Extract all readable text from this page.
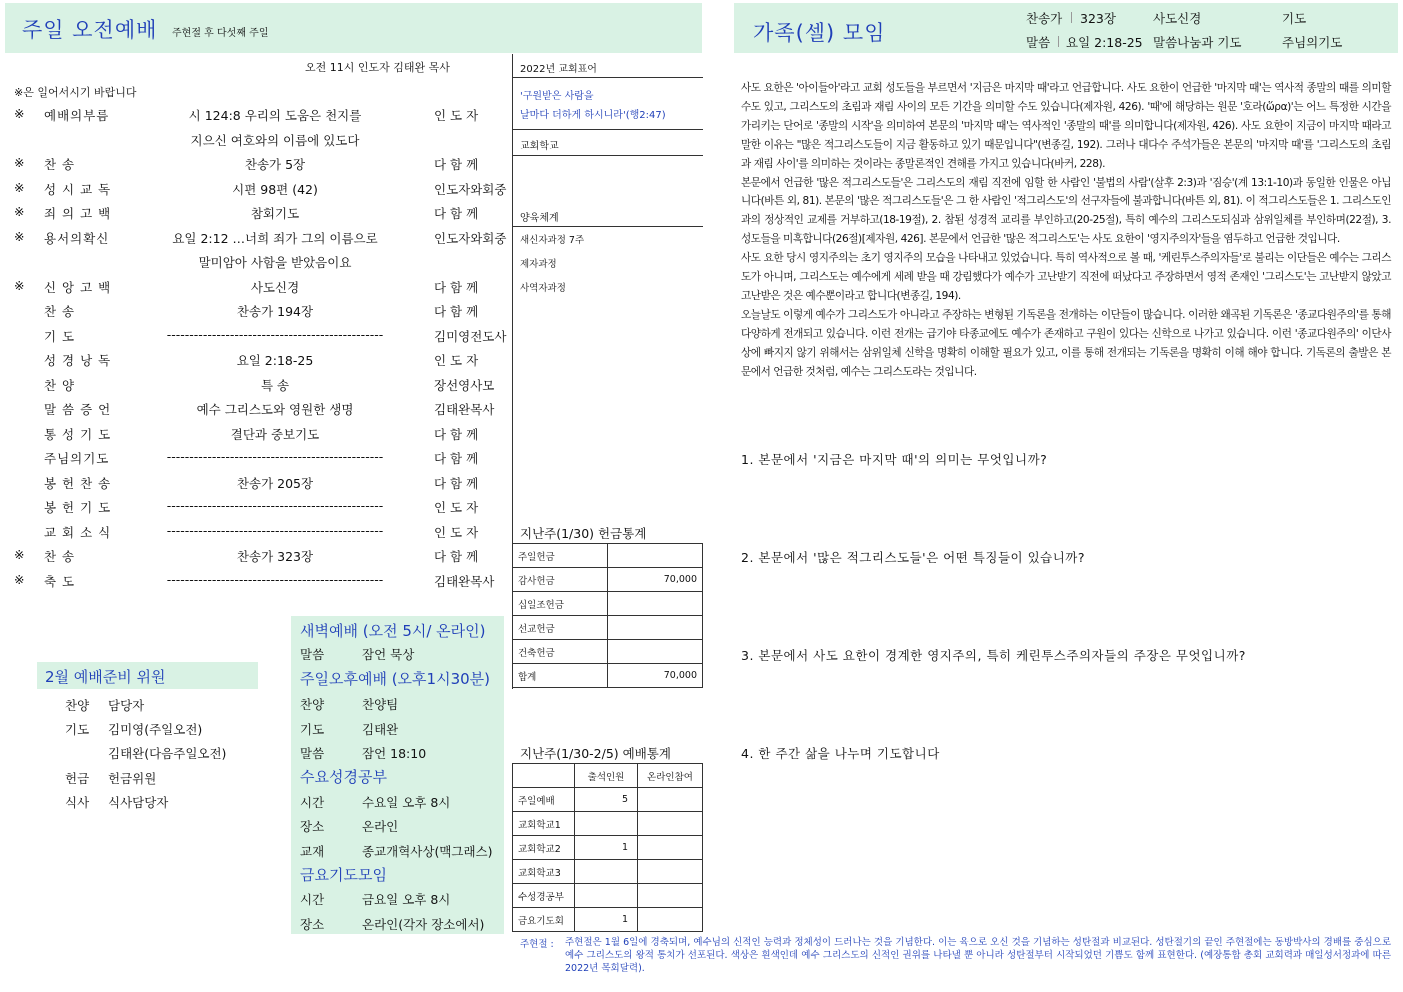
주일 오전예배 주현절 후 다섯째 주일	가족(셀) 모임
찬송가 323장	사도신경	기도
말씀 요일 2:18-25 말씀나눔과 기도	주님의기도
오전 11시 인도자 김태완 목사
※은 일어서시기 바랍니다
※ 예배의부름	시 124:8 우리의 도움은 천지를	인 도 자
지으신 여호와의 이름에 있도다
※ 찬 송	찬송가 5장	다 함 께
※ 성 시 교 독	시편 98편 (42)	인도자와회중
※ 죄 의 고 백	참회기도	다 함 께
※ 용서의확신	요일 2:12 …너희 죄가 그의 이름으로	인도자와회중
말미암아 사함을 받았음이요
※ 신 앙 고 백	사도신경	다 함 께
찬 송	찬송가 194장	다 함 께
기 도	------------------------------------------------	김미영전도사
성 경 낭 독	요일 2:18-25	인 도 자
찬 양	특 송	장선영사모
말 씀 증 언	예수 그리스도와 영원한 생명	김태완목사
통 성 기 도	결단과 중보기도	다 함 께
주님의기도	------------------------------------------------	다 함 께
봉 헌 찬 송	찬송가 205장	다 함 께
봉 헌 기 도	------------------------------------------------	인 도 자
교 회 소 식	------------------------------------------------	인 도 자
※ 찬 송	찬송가 323장	다 함 께
※ 축 도	------------------------------------------------	김태완목사
2022년 교회표어
'구원받은 사람을
날마다 더하게 하시니라'(행2:47)
교회학교
양육체계
새신자과정 7주
제자과정
사역자과정
지난주(1/30) 헌금통계
주일헌금	
감사헌금	70,000
십일조헌금	
선교헌금	
건축헌금	
합계	70,000
지난주(1/30-2/5) 예배통계
	출석인원	온라인참여
주일예배	5	
교회학교1		
교회학교2	1	
교회학교3		
수성경공부		
금요기도회	1	
새벽예배 (오전 5시/ 온라인)
말씀	잠언 묵상
주일오후예배 (오후1시30분)
찬양	찬양팀
기도	김태완
말씀	잠언 18:10
수요성경공부
시간	수요일 오후 8시
장소	온라인
교재	종교개혁사상(맥그래스)
금요기도모임
시간	금요일 오후 8시
장소	온라인(각자 장소에서)
2월 예배준비 위원
찬양 담당자
기도 김미영(주일오전)
김태완(다음주일오전)
헌금 헌금위원
식사 식사담당자

사도 요한은 '아이들아'라고 교회 성도들을 부르면서 '지금은 마지막 때'라고 언급합니다. 사도 요한이 언급한 '마지막 때'는 역사적 종말의 때를 의미할 수도 있고, 그리스도의 초림과 재림 사이의 모든 기간을 의미할 수도 있습니다(제자원, 426). '때'에 해당하는 원문 '호라(ὥρα)'는 어느 특정한 시간을 가리키는 단어로 '종말의 시작'을 의미하여 본문의 '마지막 때'는 역사적인 '종말의 때'를 의미합니다(제자원, 426). 사도 요한이 지금이 마지막 때라고 말한 이유는 "많은 적그리스도들이 지금 활동하고 있기 때문입니다"(변종길, 192). 그러나 대다수 주석가들은 본문의 '마지막 때'를 '그리스도의 초림과 재림 사이'를 의미하는 것이라는 종말론적인 견해를 가지고 있습니다(바커, 228).

본문에서 언급한 '많은 적그리스도들'은 그리스도의 재림 직전에 임할 한 사람인 '불법의 사람'(살후 2:3)과 '짐승'(계 13:1-10)과 동일한 인물은 아닙니다(바튼 외, 81). 본문의 '많은 적그리스도들'은 그 한 사람인 '적그리스도'의 선구자들에 불과합니다(바튼 외, 81). 이 적그리스도들은 1. 그리스도인과의 정상적인 교제를 거부하고(18-19절), 2. 참된 성경적 교리를 부인하고(20-25절), 특히 예수의 그리스도되심과 삼위일체를 부인하며(22절), 3. 성도들을 미혹합니다(26절)[제자원, 426]. 본문에서 언급한 '많은 적그리스도'는 사도 요한이 '영지주의자'들을 염두하고 언급한 것입니다.

사도 요한 당시 영지주의는 초기 영지주의 모습을 나타내고 있었습니다. 특히 역사적으로 볼 때, '케린투스주의자들'로 불리는 이단들은 예수는 그리스도가 아니며, 그리스도는 예수에게 세례 받을 때 강림했다가 예수가 고난받기 직전에 떠났다고 주장하면서 영적 존재인 '그리스도'는 고난받지 않았고 고난받은 것은 예수뿐이라고 합니다(변종길, 194).

오늘날도 이렇게 예수가 그리스도가 아니라고 주장하는 변형된 기독론을 전개하는 이단들이 많습니다. 이러한 왜곡된 기독론은 '종교다원주의'를 통해 다양하게 전개되고 있습니다. 이런 전개는 급기야 타종교에도 예수가 존재하고 구원이 있다는 신학으로 나가고 있습니다. 이런 '종교다원주의' 이단사상에 빠지지 않기 위해서는 삼위일체 신학을 명확히 이해할 필요가 있고, 이를 통해 전개되는 기독론을 명확히 이해 해야 합니다. 기독론의 출발은 본문에서 언급한 것처럼, 예수는 그리스도라는 것입니다.

1. 본문에서 '지금은 마지막 때'의 의미는 무엇입니까?
2. 본문에서 '많은 적그리스도들'은 어떤 특징들이 있습니까?
3. 본문에서 사도 요한이 경계한 영지주의, 특히 케린투스주의자들의 주장은 무엇입니까?
4. 한 주간 삶을 나누며 기도합니다
주현절 : 주현절은 1월 6일에 경축되며, 예수님의 신적인 능력과 정체성이 드러나는 것을 기념한다. 이는 육으로 오신 것을 기념하는 성탄절과 비교된다. 성탄절기의 끝인 주현절에는 동방박사의 경배를 중심으로 예수 그리스도의 왕적 통치가 선포된다. 색상은 흰색인데 예수 그리스도의 신적인 권위를 나타낼 뿐 아니라 성탄절부터 시작되었던 기쁨도 함께 표현한다. (예장통합 총회 교회력과 매일성서정과에 따른 2022년 목회달력).
